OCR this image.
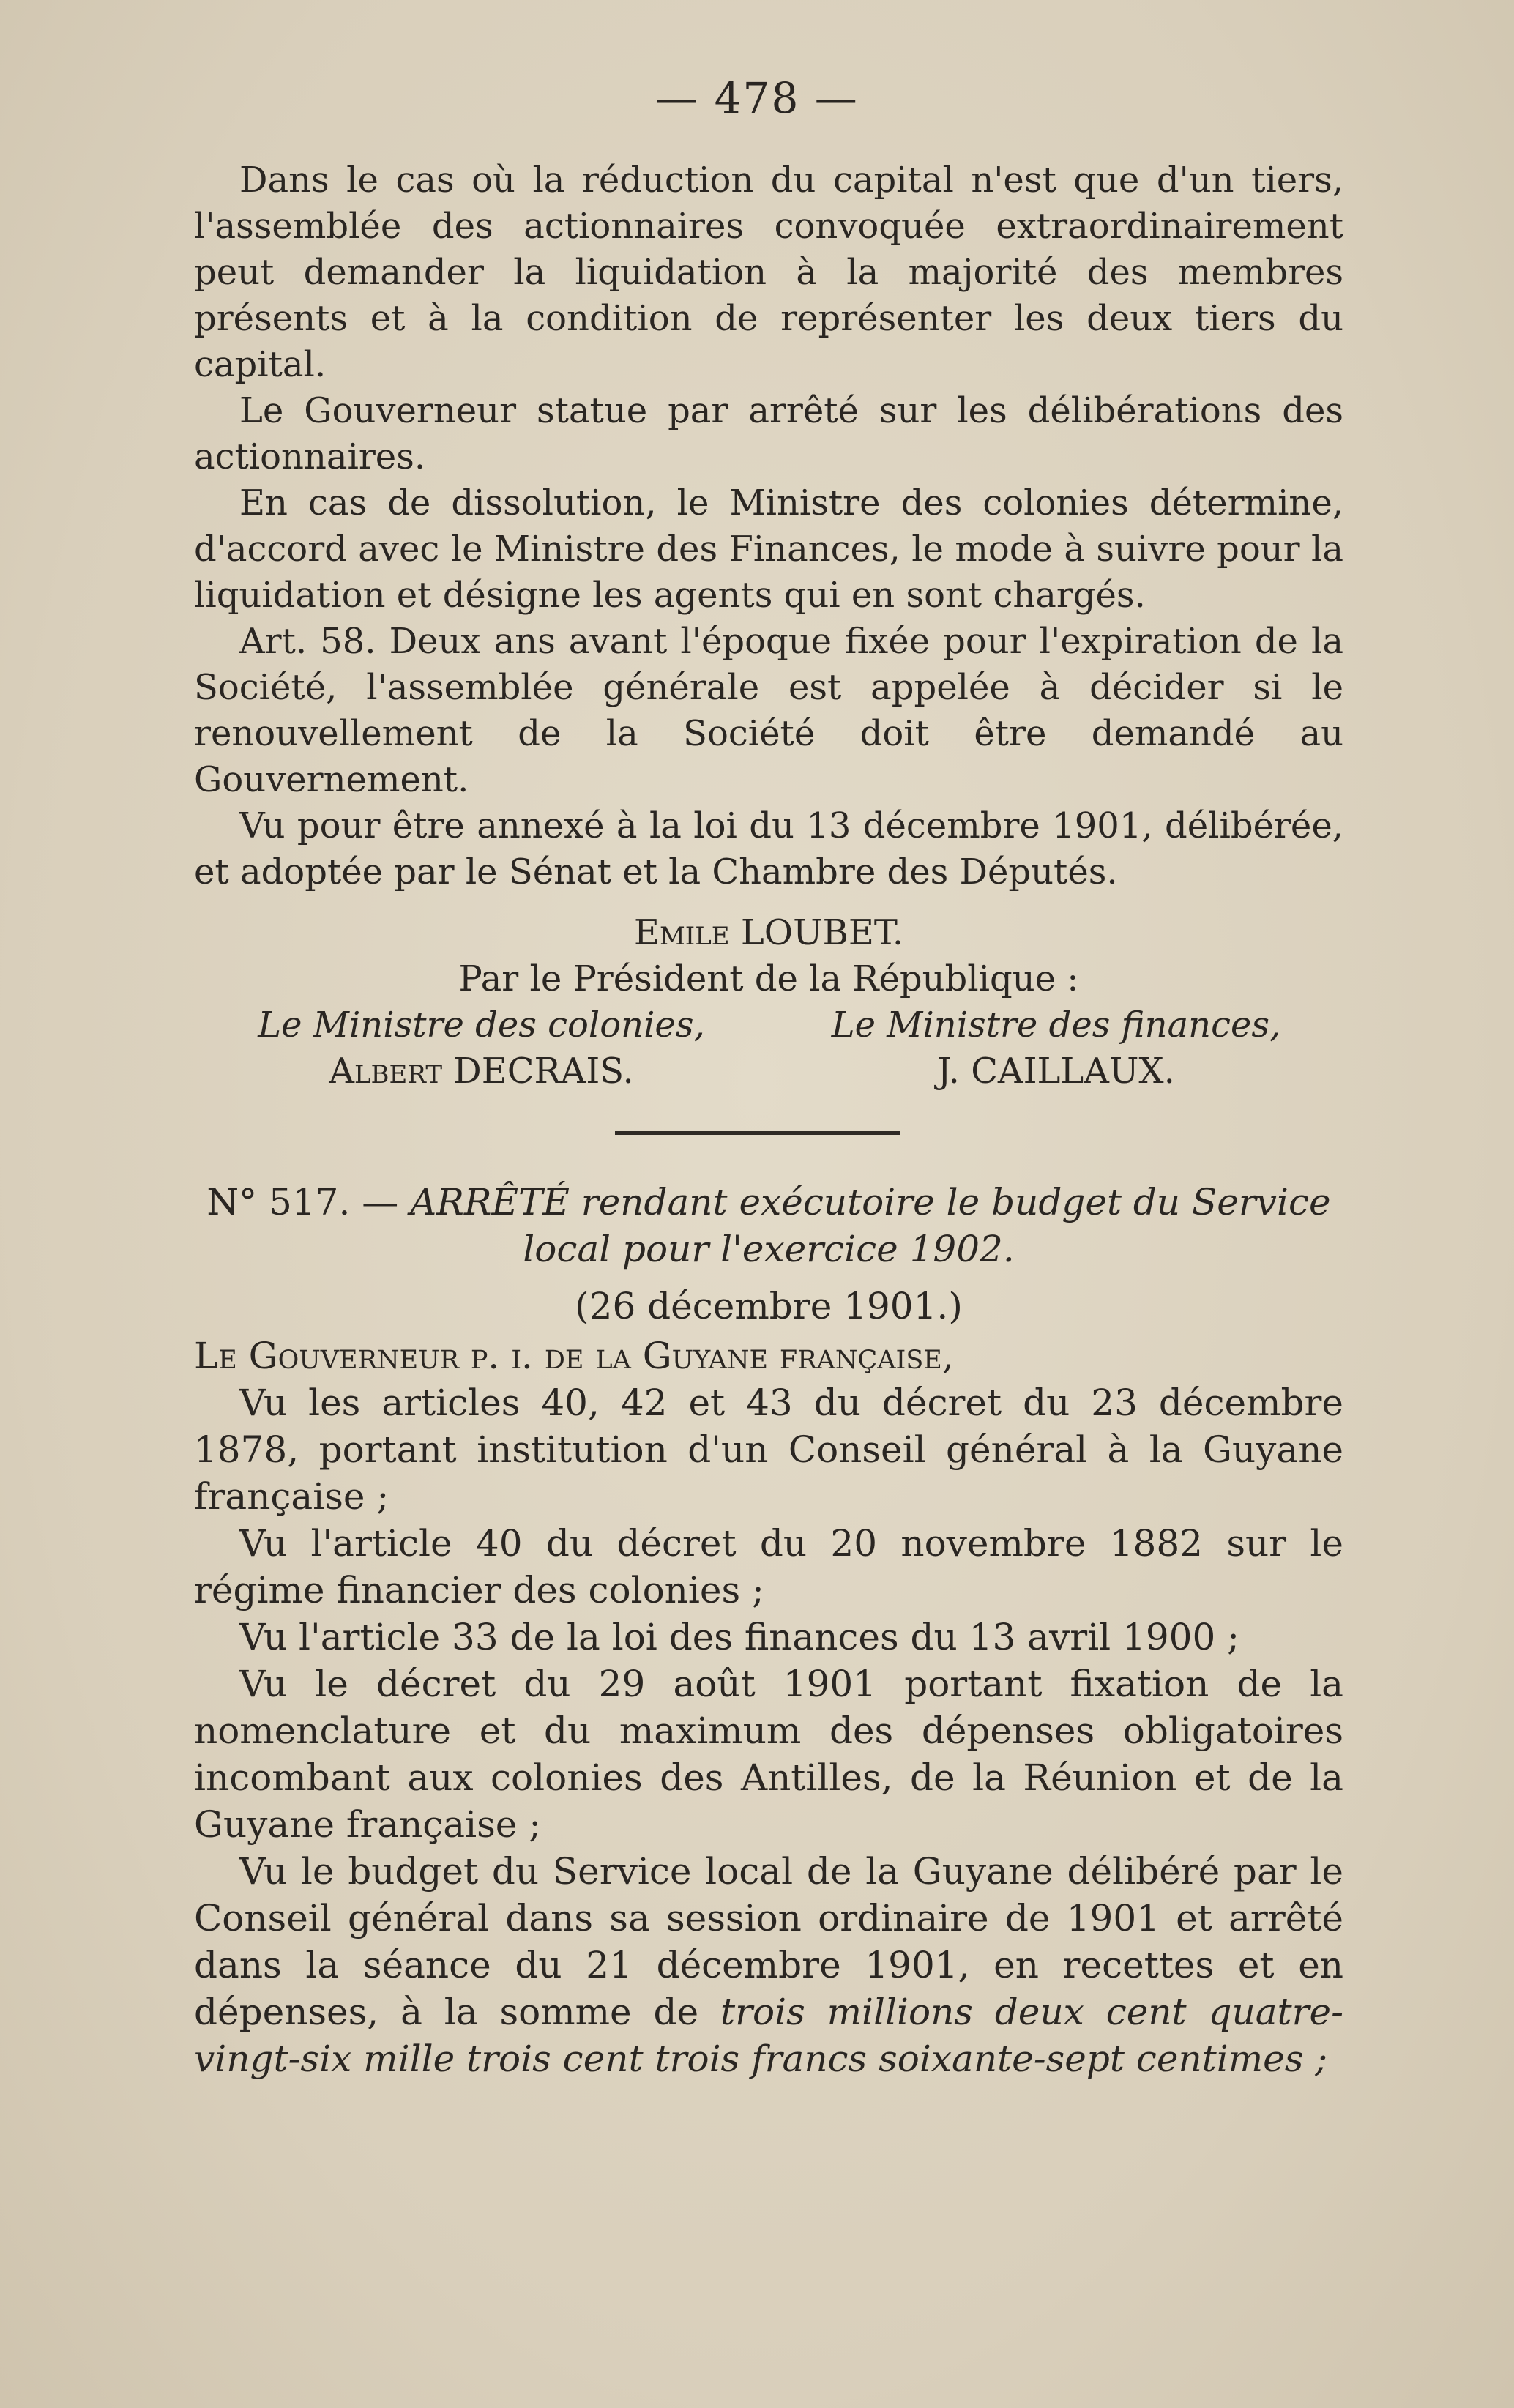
— 478 —

Dans le cas où la réduction du capital n'est que d'un tiers, l'assemblée des actionnaires convoquée extraordinairement peut demander la liquidation à la majorité des membres présents et à la condition de représenter les deux tiers du capital.

Le Gouverneur statue par arrêté sur les délibérations des actionnaires.

En cas de dissolution, le Ministre des colonies détermine, d'accord avec le Ministre des Finances, le mode à suivre pour la liquidation et désigne les agents qui en sont chargés.

Art. 58. Deux ans avant l'époque fixée pour l'expiration de la Société, l'assemblée générale est appelée à décider si le renouvellement de la Société doit être demandé au Gouvernement.

Vu pour être annexé à la loi du 13 décembre 1901, délibérée, et adoptée par le Sénat et la Chambre des Députés.

Emile LOUBET.

Par le Président de la République :

Le Ministre des colonies,
Albert DECRAIS.
Le Ministre des finances,
J. CAILLAUX.

N° 517. — ARRÊTÉ rendant exécutoire le budget du Service local pour l'exercice 1902.

(26 décembre 1901.)

Le Gouverneur p. i. de la Guyane française,

Vu les articles 40, 42 et 43 du décret du 23 décembre 1878, portant institution d'un Conseil général à la Guyane française ;

Vu l'article 40 du décret du 20 novembre 1882 sur le régime financier des colonies ;

Vu l'article 33 de la loi des finances du 13 avril 1900 ;

Vu le décret du 29 août 1901 portant fixation de la nomenclature et du maximum des dépenses obligatoires incombant aux colonies des Antilles, de la Réunion et de la Guyane française ;

Vu le budget du Service local de la Guyane délibéré par le Conseil général dans sa session ordinaire de 1901 et arrêté dans la séance du 21 décembre 1901, en recettes et en dépenses, à la somme de trois millions deux cent quatre-vingt-six mille trois cent trois francs soixante-sept centimes ;
